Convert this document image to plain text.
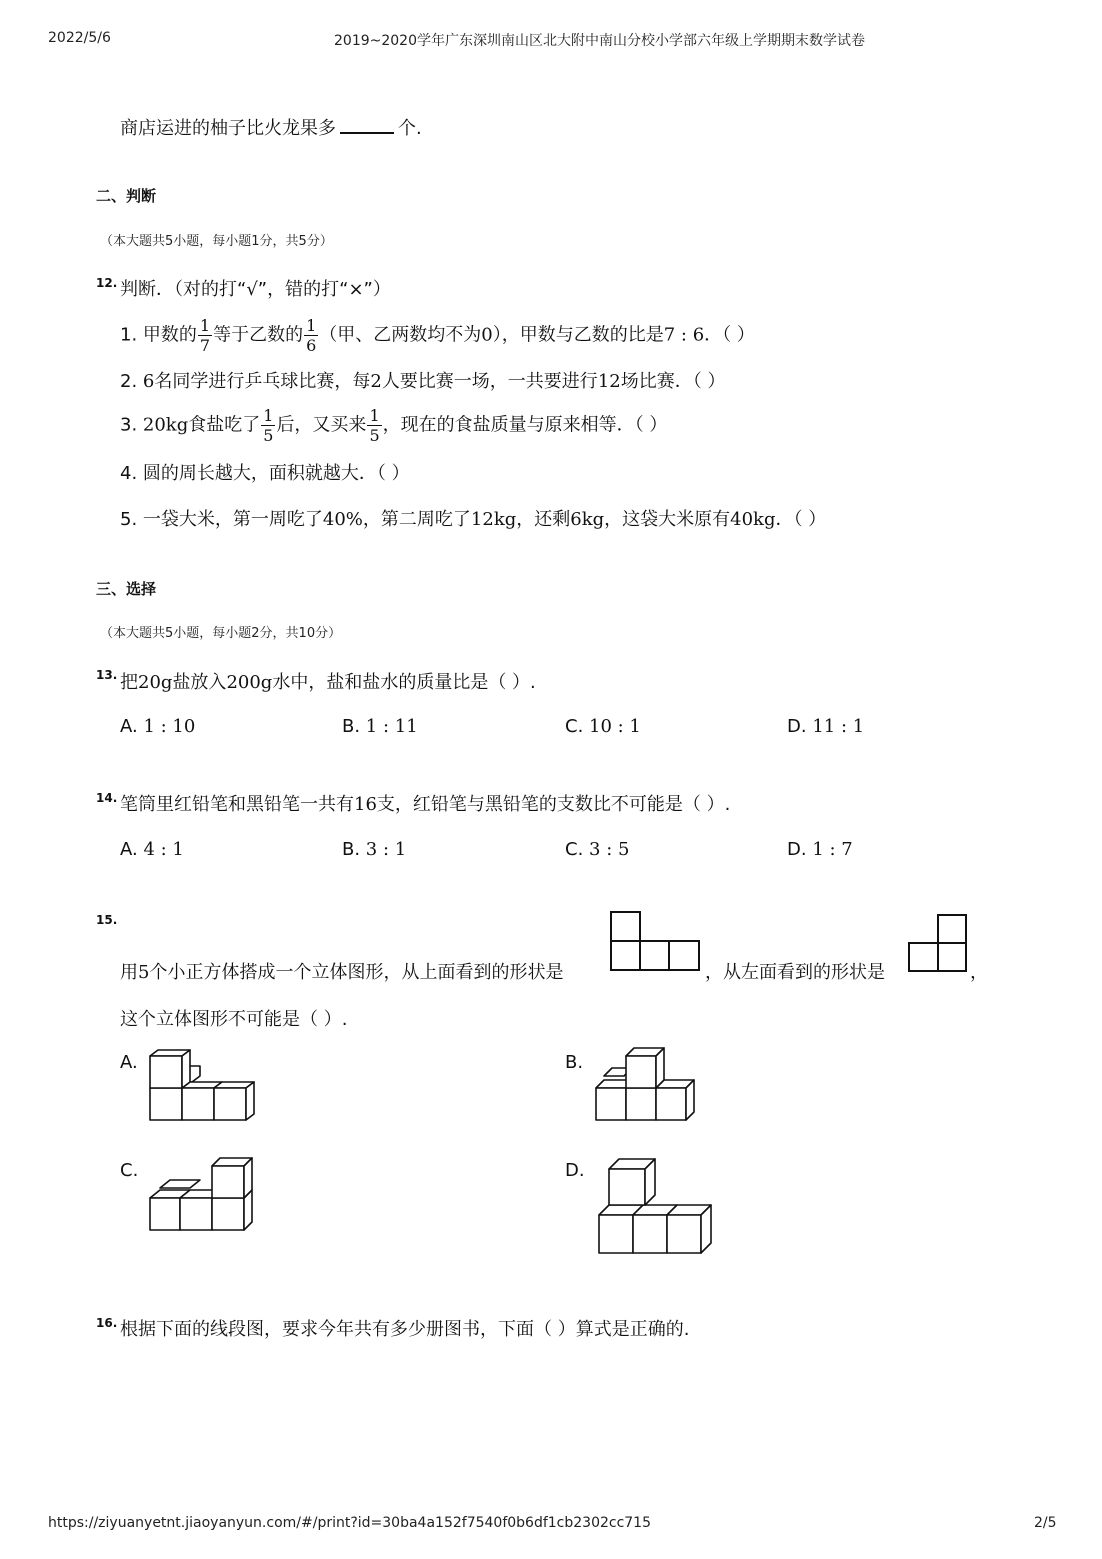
2022/5/6	2019~2020学年广东深圳南山区北大附中南山分校小学部六年级上学期期末数学试卷
商店运进的柚子比火龙果多	个.
二、判断
（本大题共5小题，每小题1分，共5分）
12. 判断．（对的打“√”，错的打“×”）
1. 甲数的 $\frac{1}{7}$ 等于乙数的 $\frac{1}{6}$ （甲、乙两数均不为0），甲数与乙数的比是7 : 6．（ ）
2. 6名同学进行乒乓球比赛，每2人要比赛一场，一共要进行12场比赛．（ ）
3. 20kg食盐吃了 $\frac{1}{5}$ 后，又买来 $\frac{1}{5}$ ，现在的食盐质量与原来相等．（ ）
4. 圆的周长越大，面积就越大．（ ）
5. 一袋大米，第一周吃了40%，第二周吃了12kg，还剩6kg，这袋大米原有40kg．（ ）
三、选择
（本大题共5小题，每小题2分，共10分）
13. 把20g盐放入200g水中，盐和盐水的质量比是（ ）.
A. 1 : 10	B. 1 : 11	C. 10 : 1	D. 11 : 1
14. 笔筒里红铅笔和黑铅笔一共有16支，红铅笔与黑铅笔的支数比不可能是（ ）.
A. 4 : 1	B. 3 : 1	C. 3 : 5	D. 1 : 7
15.
用5个小正方体搭成一个立体图形，从上面看到的形状是	，从左面看到的形状是	，
这个立体图形不可能是（ ）.
A.	B.
C.	D.
16. 根据下面的线段图，要求今年共有多少册图书，下面（ ）算式是正确的.
https://ziyuanyetnt.jiaoyanyun.com/#/print?id=30ba4a152f7540f0b6df1cb2302cc715	2/5
